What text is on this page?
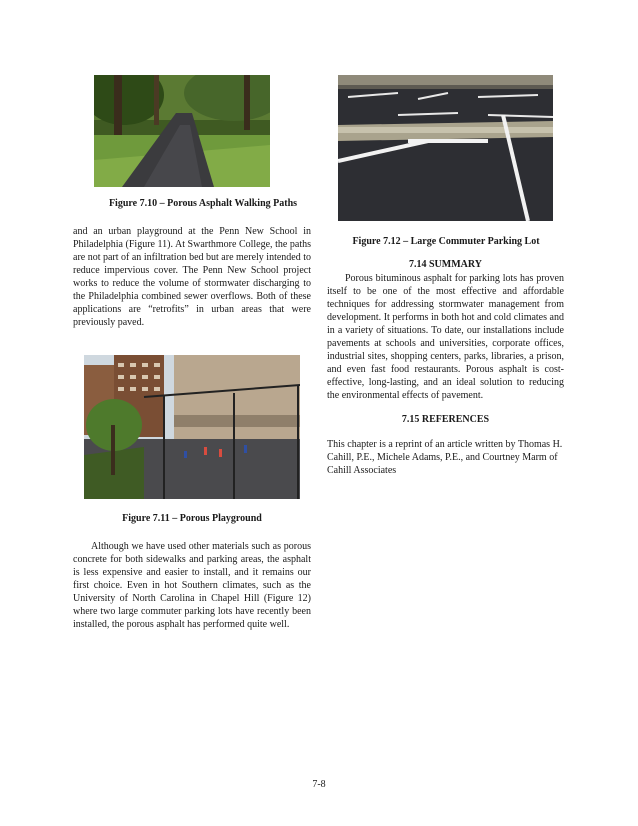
Figure 7.10 – Porous Asphalt Walking Paths

and an urban playground at the Penn New School in Philadelphia (Figure 11). At Swarthmore College, the paths are not part of an infiltration bed but are merely intended to reduce impervious cover. The Penn New School project works to reduce the volume of stormwater discharging to the Philadelphia combined sewer overflows. Both of these applications are “retrofits” in urban areas that were previously paved.

Figure 7.11 – Porous Playground

Although we have used other materials such as porous concrete for both sidewalks and parking areas, the asphalt is less expensive and easier to install, and it remains our first choice. Even in hot Southern climates, such as the University of North Carolina in Chapel Hill (Figure 12) where two large commuter parking lots have recently been installed, the porous asphalt has performed quite well.

Figure 7.12 – Large Commuter Parking Lot

7.14 SUMMARY

Porous bituminous asphalt for parking lots has proven itself to be one of the most effective and affordable techniques for addressing stormwater management from development. It performs in both hot and cold climates and in a variety of situations. To date, our installations include pavements at schools and universities, corporate offices, industrial sites, shopping centers, parks, libraries, a prison, and even fast food restaurants. Porous asphalt is cost-effective, long-lasting, and an ideal solution to reducing the environmental effects of pavement.

7.15 REFERENCES

This chapter is a reprint of an article written by Thomas H. Cahill, P.E., Michele Adams, P.E., and Courtney Marm of Cahill Associates

7-8
